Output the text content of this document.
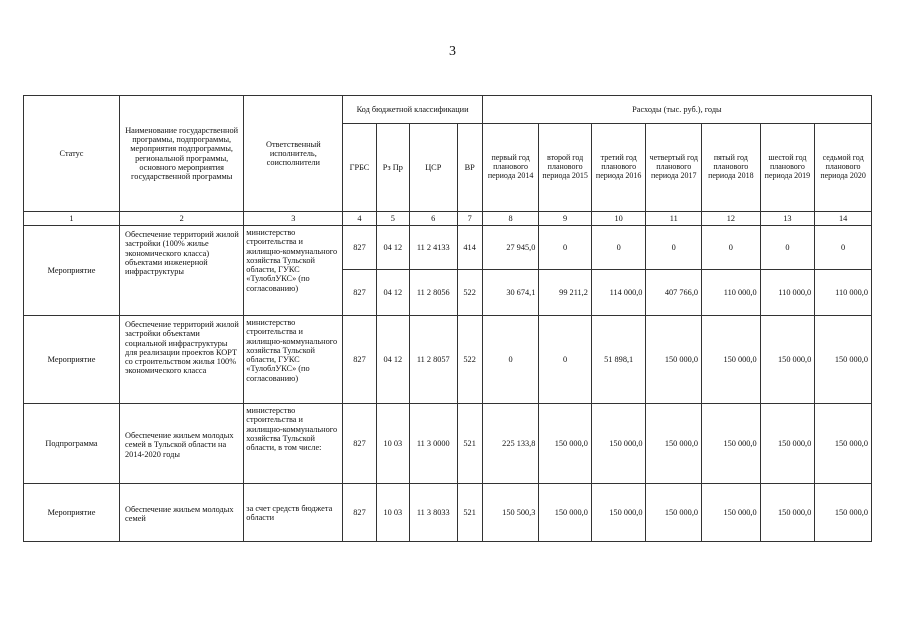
3
Статус	Наименование государственной программы, подпрограммы, мероприятия подпрограммы, региональной программы, основного мероприятия государственной программы	Ответственный исполнитель, соисполнители	Код бюджетной классификации				Расходы (тыс. руб.), годы						
			ГРБС	Рз Пр	ЦСР	ВР	первый год планового периода 2014	второй год планового периода 2015	третий год планового периода 2016	четвертый год планового периода 2017	пятый год планового периода 2018	шестой год планового периода 2019	седьмой год планового периода 2020
1	2	3	4	5	6	7	8	9	10	11	12	13	14
Мероприятие	Обеспечение территорий жилой застройки (100% жилье экономического класса) объектами инженерной инфраструктуры	министерство строительства и жилищно-коммунального хозяйства Тульской области, ГУКС «ТулоблУКС» (по согласованию)	827	04 12	11 2 4133	414	27 945,0	0	0	0	0	0	0
			827	04 12	11 2 8056	522	30 674,1	99 211,2	114 000,0	407 766,0	110 000,0	110 000,0	110 000,0
Мероприятие	Обеспечение территорий жилой застройки объектами социальной инфраструктуры для реализации проектов КОРТ со строительством жилья 100% экономического класса	министерство строительства и жилищно-коммунального хозяйства Тульской области, ГУКС «ТулоблУКС» (по согласованию)	827	04 12	11 2 8057	522	0	0	51 898,1	150 000,0	150 000,0	150 000,0	150 000,0
Подпрограмма	Обеспечение жильем молодых семей в Тульской области на 2014-2020 годы	министерство строительства и жилищно-коммунального хозяйства Тульской области, в том числе:	827	10 03	11 3 0000	521	225 133,8	150 000,0	150 000,0	150 000,0	150 000,0	150 000,0	150 000,0
Мероприятие	Обеспечение жильем молодых семей	за счет средств бюджета области	827	10 03	11 3 8033	521	150 500,3	150 000,0	150 000,0	150 000,0	150 000,0	150 000,0	150 000,0
